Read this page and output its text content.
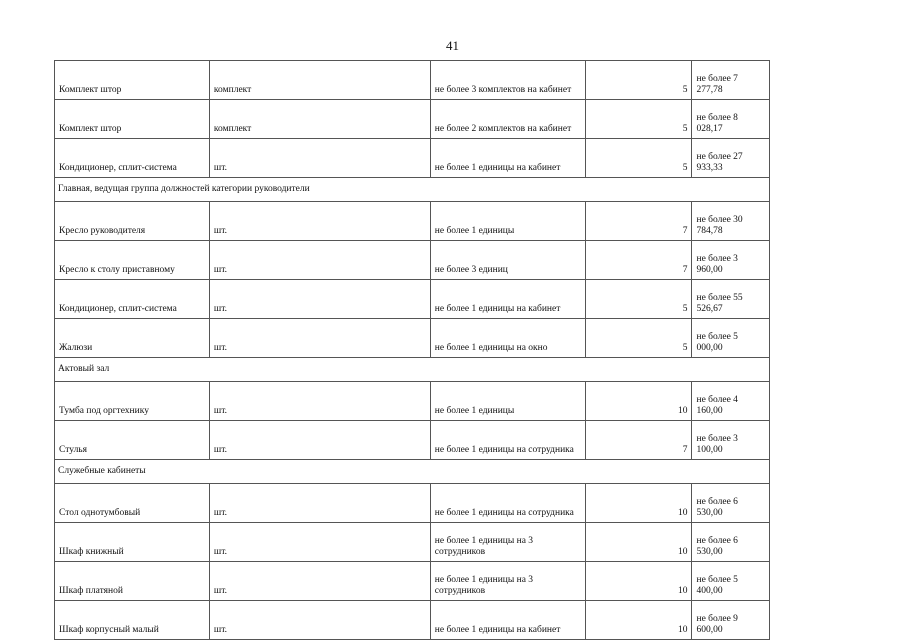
41
Комплект штор	комплект	не более 3 комплектов на кабинет	5	не более 7 277,78
Комплект штор	комплект	не более 2 комплектов на кабинет	5	не более 8 028,17
Кондиционер, сплит-система	шт.	не более 1 единицы на кабинет	5	не более 27 933,33
Главная, ведущая группа должностей категории руководители				
Кресло руководителя	шт.	не более 1 единицы	7	не более 30 784,78
Кресло к столу приставному	шт.	не более 3 единиц	7	не более 3 960,00
Кондиционер, сплит-система	шт.	не более 1 единицы на кабинет	5	не более 55 526,67
Жалюзи	шт.	не более 1 единицы на окно	5	не более 5 000,00
Актовый зал				
Тумба под оргтехнику	шт.	не более 1 единицы	10	не более 4 160,00
Стулья	шт.	не более 1 единицы на сотрудника	7	не более 3 100,00
Служебные кабинеты				
Стол однотумбовый	шт.	не более 1 единицы на сотрудника	10	не более 6 530,00
Шкаф книжный	шт.	не более 1 единицы на 3 сотрудников	10	не более 6 530,00
Шкаф платяной	шт.	не более 1 единицы на 3 сотрудников	10	не более 5 400,00
Шкаф корпусный малый	шт.	не более 1 единицы на кабинет	10	не более 9 600,00
